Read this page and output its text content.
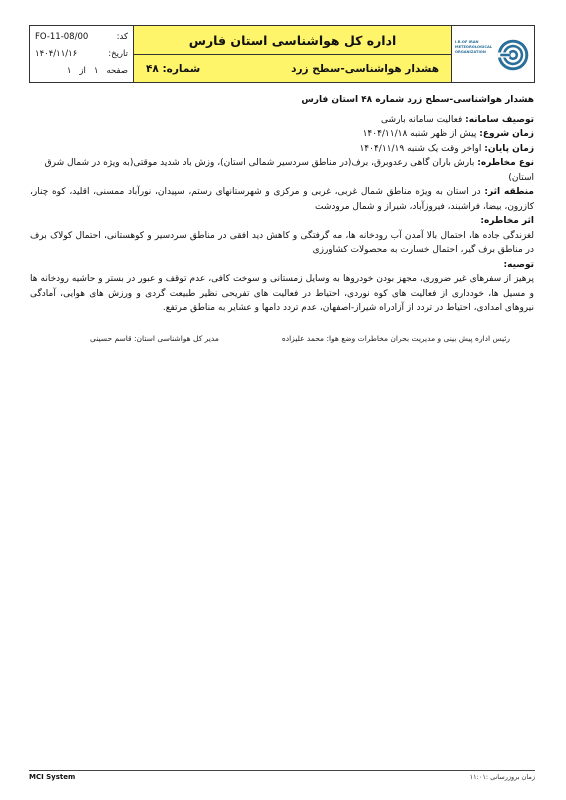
کد:
FO-11-08/00
تاریخ:
۱۴۰۴/۱۱/۱۶
صفحه
۱
از
۱
اداره کل هواشناسی استان فارس
هشدار هواشناسی-سطح زرد
شماره: ۴۸
I.R.OF IRAN
METEOROLOGICAL
ORGANIZATION

هشدار هواشناسی-سطح زرد شماره ۴۸ استان فارس

توصیف سامانه: فعالیت سامانه بارشی

زمان شروع: پیش از ظهر شنبه ۱۴۰۴/۱۱/۱۸

زمان پایان: اواخر وقت یک شنبه ۱۴۰۴/۱۱/۱۹

نوع مخاطره: بارش باران گاهی رعدوبرق، برف(در مناطق سردسیر شمالی استان)، وزش باد شدید موقتی(به ویژه در شمال شرق استان)

منطقه اثر: در استان به ویژه مناطق شمال غربی، غربی و مرکزی و شهرستانهای رستم، سپیدان، نورآباد ممسنی، اقلید، کوه چنار، کازرون، بیضا، فراشبند، فیروزآباد، شیراز و شمال مرودشت

اثر مخاطره:

لغزندگی جاده ها، احتمال بالا آمدن آب رودخانه ها، مه گرفتگی و کاهش دید افقی در مناطق سردسیر و کوهستانی، احتمال کولاک برف در مناطق برف گیر، احتمال خسارت به محصولات کشاورزی

توصیه:

پرهیز از سفرهای غیر ضروری، مجهز بودن خودروها به وسایل زمستانی و سوخت کافی، عدم توقف و عبور در بستر و حاشیه رودخانه ها و مسیل ها، خودداری از فعالیت های کوه نوردی، احتیاط در فعالیت های تفریحی نظیر طبیعت گردی و ورزش های هوایی، آمادگی نیروهای امدادی، احتیاط در تردد از آزادراه شیراز-اصفهان، عدم تردد دامها و عشایر به مناطق مرتفع.

رئیس اداره پیش بینی و مدیریت بحران مخاطرات وضع هوا: محمد علیزاده
مدیر کل هواشناسی استان: قاسم حسینی
MCI System	زمان بروزرسانی :۱۱:۰۱
